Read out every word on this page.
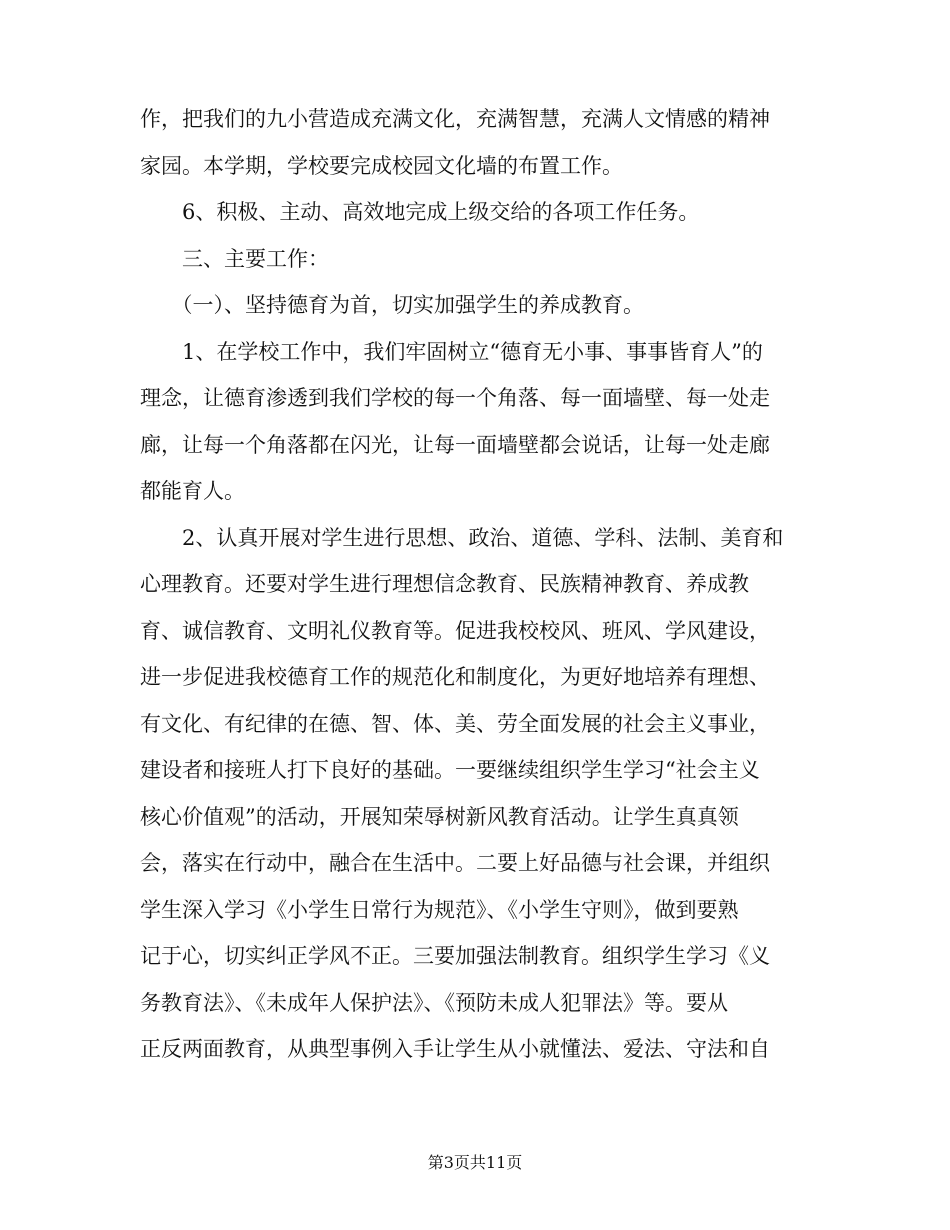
作，把我们的九小营造成充满文化，充满智慧，充满人文情感的精神

家园。本学期，学校要完成校园文化墙的布置工作。

　　6、积极、主动、高效地完成上级交给的各项工作任务。

　　三、主要工作：

　　（一）、坚持德育为首，切实加强学生的养成教育。

　　1、在学校工作中，我们牢固树立“德育无小事、事事皆育人”的

理念，让德育渗透到我们学校的每一个角落、每一面墙壁、每一处走

廊，让每一个角落都在闪光，让每一面墙壁都会说话，让每一处走廊

都能育人。

　　2、认真开展对学生进行思想、政治、道德、学科、法制、美育和

心理教育。还要对学生进行理想信念教育、民族精神教育、养成教

育、诚信教育、文明礼仪教育等。促进我校校风、班风、学风建设，

进一步促进我校德育工作的规范化和制度化，为更好地培养有理想、

有文化、有纪律的在德、智、体、美、劳全面发展的社会主义事业，

建设者和接班人打下良好的基础。一要继续组织学生学习“社会主义

核心价值观”的活动，开展知荣辱树新风教育活动。让学生真真领

会，落实在行动中，融合在生活中。二要上好品德与社会课，并组织

学生深入学习《小学生日常行为规范》、《小学生守则》，做到要熟

记于心，切实纠正学风不正。三要加强法制教育。组织学生学习《义

务教育法》、《未成年人保护法》、《预防未成人犯罪法》等。要从

正反两面教育，从典型事例入手让学生从小就懂法、爱法、守法和自

第3页共11页
